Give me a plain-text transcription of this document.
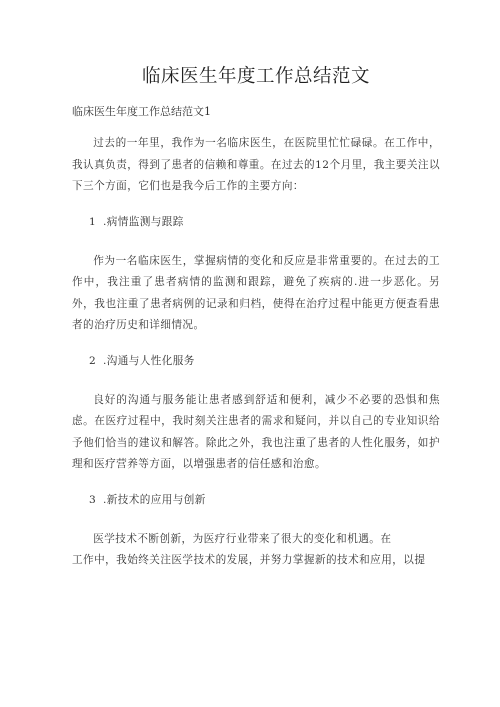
临床医生年度工作总结范文
临床医生年度工作总结范文1

过去的一年里，我作为一名临床医生，在医院里忙忙碌碌。在工作中，我认真负责，得到了患者的信赖和尊重。在过去的12个月里，我主要关注以下三个方面，它们也是我今后工作的主要方向：

1 .病情监测与跟踪

作为一名临床医生，掌握病情的变化和反应是非常重要的。在过去的工作中，我注重了患者病情的监测和跟踪，避免了疾病的.进一步恶化。另外，我也注重了患者病例的记录和归档，使得在治疗过程中能更方便查看患者的治疗历史和详细情况。

2 .沟通与人性化服务

良好的沟通与服务能让患者感到舒适和便利，减少不必要的恐惧和焦虑。在医疗过程中，我时刻关注患者的需求和疑问，并以自己的专业知识给予他们恰当的建议和解答。除此之外，我也注重了患者的人性化服务，如护理和医疗营养等方面，以增强患者的信任感和治愈。

3 .新技术的应用与创新
医学技术不断创新，为医疗行业带来了很大的变化和机遇。在
工作中，我始终关注医学技术的发展，并努力掌握新的技术和应用，以提
